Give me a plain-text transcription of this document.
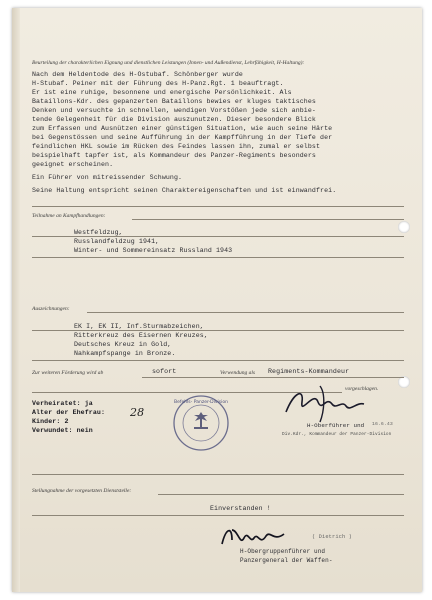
Beurteilung der charakterlichen Eignung und dienstlichen Leistungen (Innen- und Außendienst, Lehrfähigkeit, H-Haltung):
Nach dem Heldentode des H-Ostubaf. Schönberger wurde
H-Stubaf. Peiner mit der Führung des H-Panz.Rgt. 1 beauftragt.
Er ist eine ruhige, besonnene und energische Persönlichkeit. Als
Bataillons-Kdr. des gepanzerten Bataillons bewies er kluges taktisches
Denken und versuchte in schnellen, wendigen Vorstößen jede sich anbie-
tende Gelegenheit für die Division auszunutzen. Dieser besondere Blick
zum Erfassen und Ausnützen einer günstigen Situation, wie auch seine Härte
bei Gegenstössen und seine Aufführung in der Kampfführung in der Tiefe der
feindlichen HKL sowie im Rücken des Feindes lassen ihn, zumal er selbst
beispielhaft tapfer ist, als Kommandeur des Panzer-Regiments besonders
geeignet erscheinen.
Ein Führer von mitreissender Schwung.
Seine Haltung entspricht seinen Charaktereigenschaften und ist einwandfrei.
Teilnahme an Kampfhandlungen:
Westfeldzug,
Russlandfeldzug 1941,
Winter- und Sommereinsatz Russland 1943
Auszeichnungen:
EK I, EK II, Inf.Sturmabzeichen,
Ritterkreuz des Eisernen Kreuzes,
Deutsches Kreuz in Gold,
Nahkampfspange in Bronze.
Zur weiteren Förderung wird ab	sofort	Verwendung als Regiments-Kommandeur
vorgeschlagen.
Verheiratet: ja
Alter der Ehefrau: 28
Kinder: 2
Verwundet: nein
Befehls- Panzer-Division
H-Oberführer und 16.6.43
Div.Kdr., Kommandeur der Panzer-Division
Stellungnahme der vorgesetzten Dienststelle:
Einverstanden !
( Dietrich )
H-Obergruppenführer und
Panzergeneral der Waffen-
